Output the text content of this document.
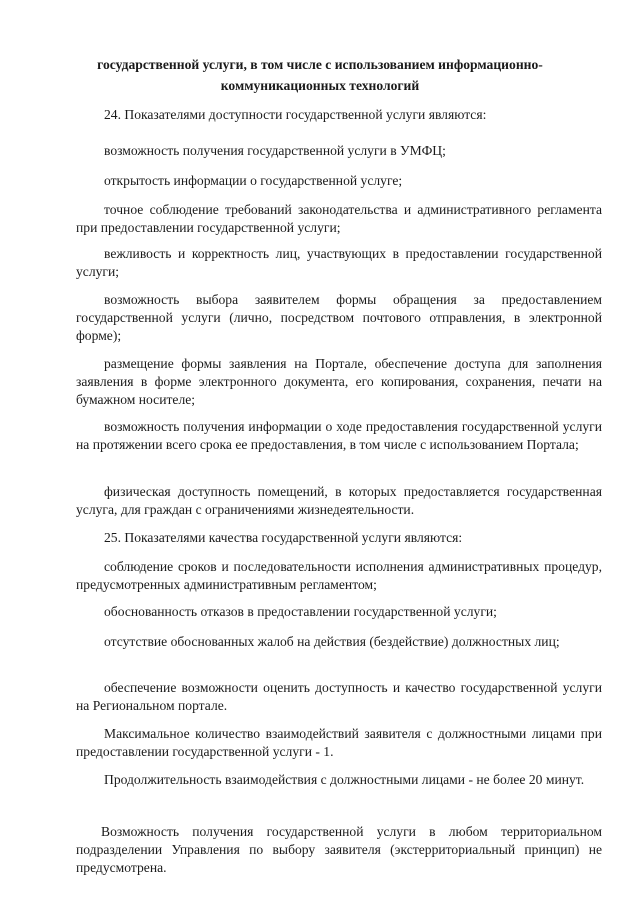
государственной услуги, в том числе с использованием информационно-коммуникационных технологий

24. Показателями доступности государственной услуги являются:

возможность получения государственной услуги в УМФЦ;

открытость информации о государственной услуге;

точное соблюдение требований законодательства и административного регламента при предоставлении государственной услуги;

вежливость и корректность лиц, участвующих в предоставлении государственной услуги;

возможность выбора заявителем формы обращения за предоставлением государственной услуги (лично, посредством почтового отправления, в электронной форме);

размещение формы заявления на Портале, обеспечение доступа для заполнения заявления в форме электронного документа, его копирования, сохранения, печати на бумажном носителе;

возможность получения информации о ходе предоставления государственной услуги на протяжении всего срока ее предоставления, в том числе с использованием Портала;

физическая доступность помещений, в которых предоставляется государственная услуга, для граждан с ограничениями жизнедеятельности.

25. Показателями качества государственной услуги являются:

соблюдение сроков и последовательности исполнения административных процедур, предусмотренных административным регламентом;

обоснованность отказов в предоставлении государственной услуги;

отсутствие обоснованных жалоб на действия (бездействие) должностных лиц;

обеспечение возможности оценить доступность и качество государственной услуги на Региональном портале.

Максимальное количество взаимодействий заявителя с должностными лицами при предоставлении государственной услуги - 1.

Продолжительность взаимодействия с должностными лицами - не более 20 минут.

Возможность получения государственной услуги в любом территориальном подразделении Управления по выбору заявителя (экстерриториальный принцип) не предусмотрена.
